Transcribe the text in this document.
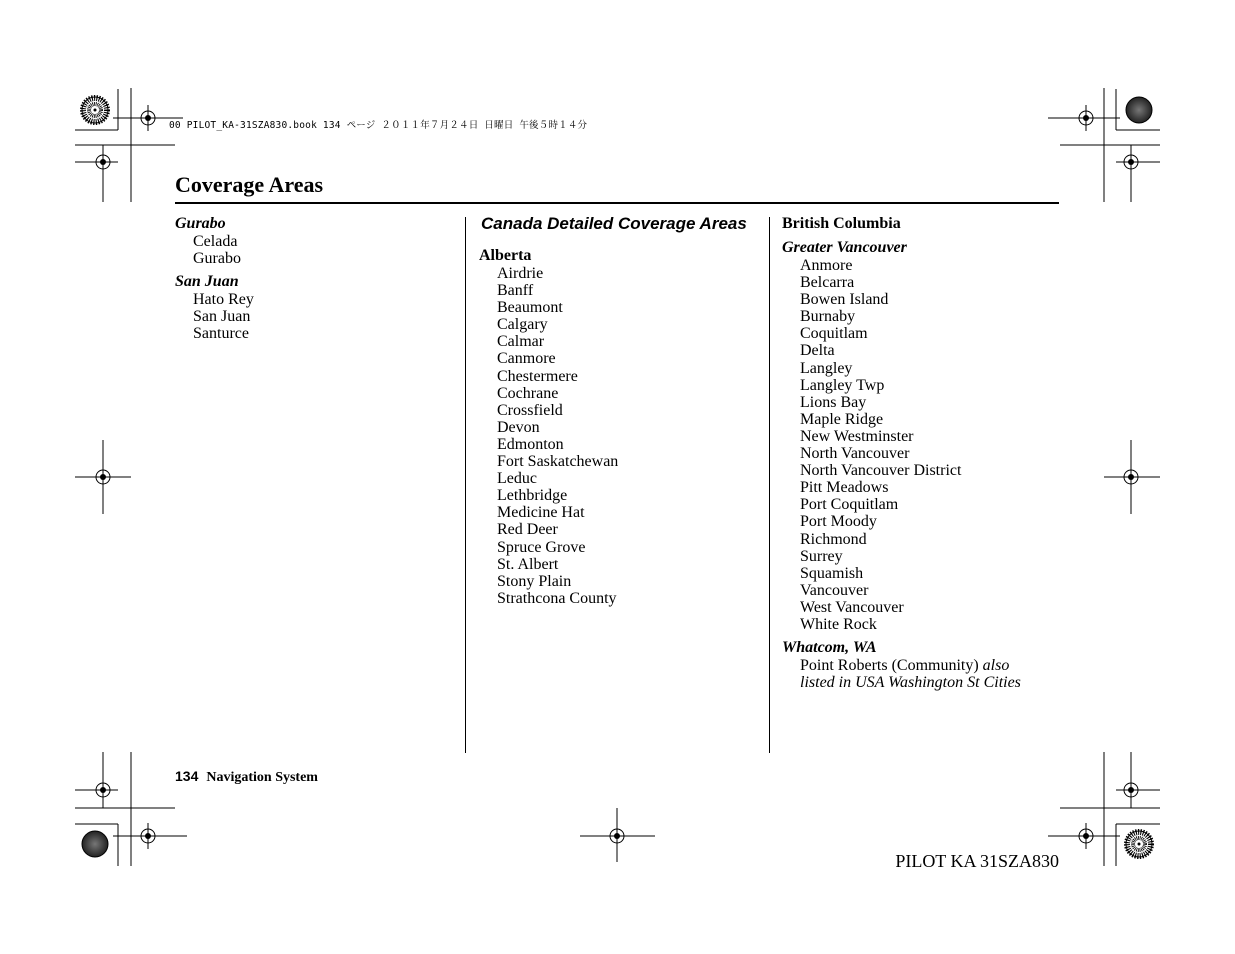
00 PILOT_KA-31SZA830.book 134 ページ ２０１１年７月２４日 日曜日 午後５時１４分
Coverage Areas

Gurabo

Celada
Gurabo

San Juan

Hato Rey
San Juan
Santurce

Canada Detailed Coverage Areas

Alberta

Airdrie
Banff
Beaumont
Calgary
Calmar
Canmore
Chestermere
Cochrane
Crossfield
Devon
Edmonton
Fort Saskatchewan
Leduc
Lethbridge
Medicine Hat
Red Deer
Spruce Grove
St. Albert
Stony Plain
Strathcona County

British Columbia

Greater Vancouver

Anmore
Belcarra
Bowen Island
Burnaby
Coquitlam
Delta
Langley
Langley Twp
Lions Bay
Maple Ridge
New Westminster
North Vancouver
North Vancouver District
Pitt Meadows
Port Coquitlam
Port Moody
Richmond
Surrey
Squamish
Vancouver
West Vancouver
White Rock

Whatcom, WA

Point Roberts (Community) also
listed in USA Washington St Cities
134 Navigation System
PILOT KA 31SZA830
